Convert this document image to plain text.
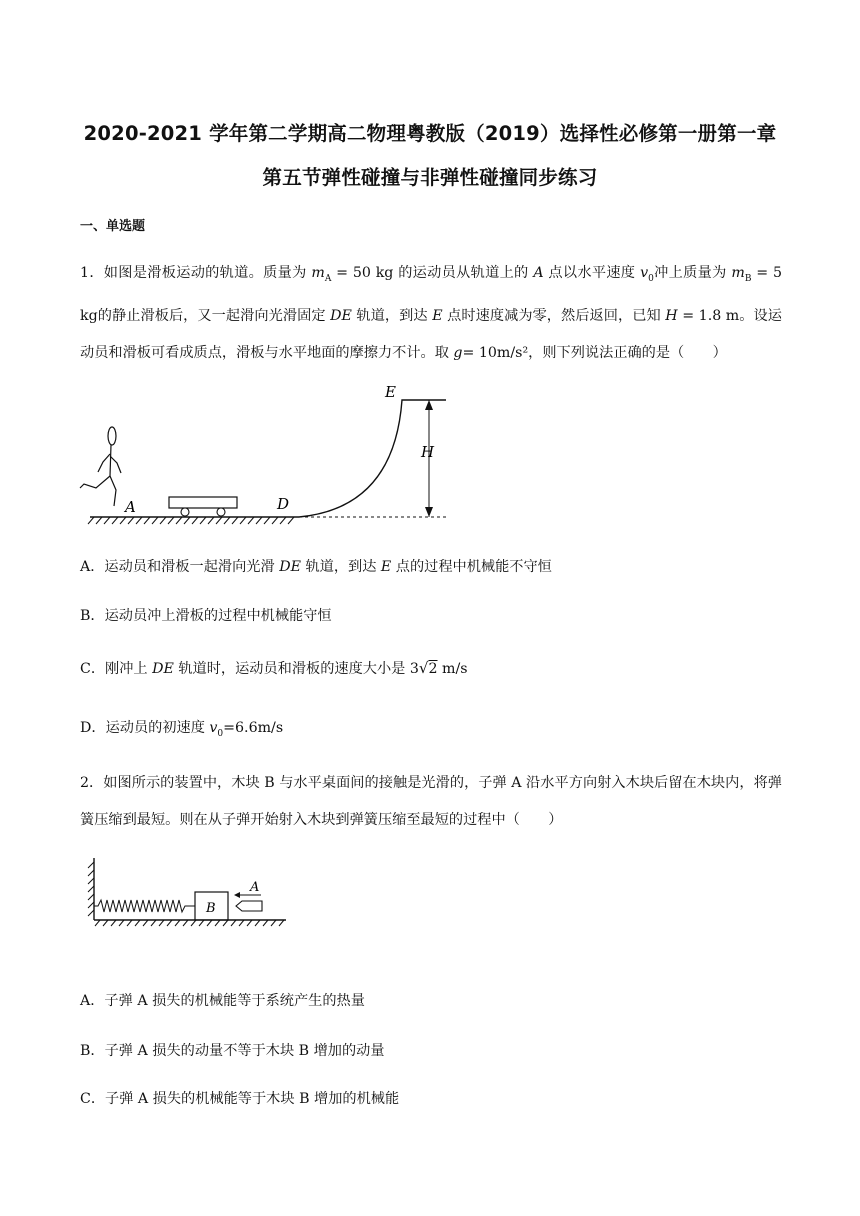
2020-2021 学年第二学期高二物理粤教版（2019）选择性必修第一册第一章
第五节弹性碰撞与非弹性碰撞同步练习
一、单选题
1．如图是滑板运动的轨道。质量为 $m_A = 50$ kg 的运动员从轨道上的 A 点以水平速度 $v_0$冲上质量为 $m_B = 5$ kg的静止滑板后，又一起滑向光滑固定 DE 轨道，到达 E 点时速度减为零，然后返回，已知 H = 1.8 m。设运动员和滑板可看成质点，滑板与水平地面的摩擦力不计。取 g= 10m/s²，则下列说法正确的是（　　）
A	D
E
H
A．运动员和滑板一起滑向光滑 DE 轨道，到达 E 点的过程中机械能不守恒
B．运动员冲上滑板的过程中机械能守恒
C．刚冲上 DE 轨道时，运动员和滑板的速度大小是 3√2 m/s
D．运动员的初速度 $v_0=6.6m/s$
2．如图所示的装置中，木块 B 与水平桌面间的接触是光滑的，子弹 A 沿水平方向射入木块后留在木块内，将弹簧压缩到最短。则在从子弹开始射入木块到弹簧压缩至最短的过程中（　　）
B
A
A．子弹 A 损失的机械能等于系统产生的热量
B．子弹 A 损失的动量不等于木块 B 增加的动量
C．子弹 A 损失的机械能等于木块 B 增加的机械能
